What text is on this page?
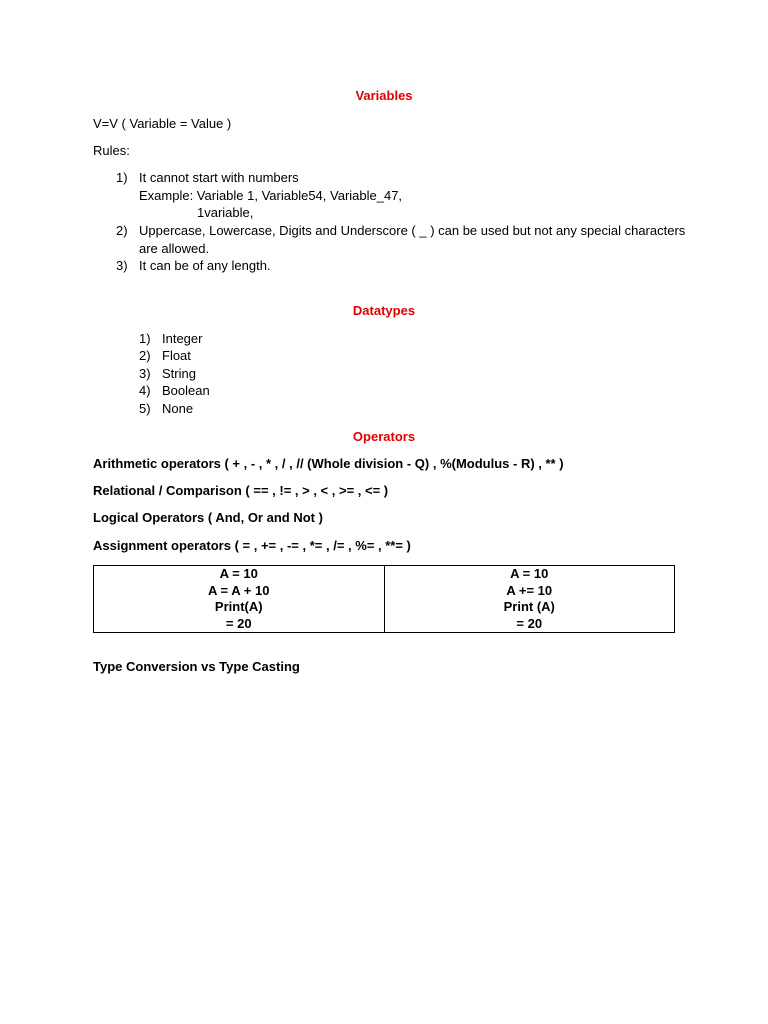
Variables
V=V ( Variable = Value )
Rules:
1) It cannot start with numbers
Example: Variable 1, Variable54, Variable_47,
1variable,
2) Uppercase, Lowercase, Digits and Underscore ( _ ) can be used but not any special characters
are allowed.
3) It can be of any length.
Datatypes
1) Integer
2) Float
3) String
4) Boolean
5) None
Operators
Arithmetic operators ( + , - , * , / , // (Whole division - Q) , %(Modulus - R) , ** )
Relational / Comparison ( == , != , > , < , >= , <= )
Logical Operators ( And, Or and Not )
Assignment operators ( = , += , -= , *= , /= , %= , **= )
A = 10
A = A + 10
Print(A)
= 20

A = 10
A += 10
Print (A)
= 20
Type Conversion vs Type Casting
